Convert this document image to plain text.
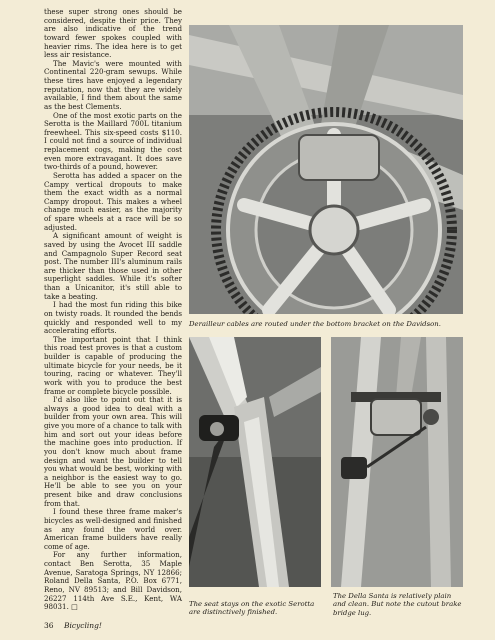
these super strong ones should be considered, despite their price. They are also indicative of the trend toward fewer spokes coupled with heavier rims. The idea here is to get less air resistance.

The Mavic's were mounted with Continental 220-gram sewups. While these tires have enjoyed a legendary reputation, now that they are widely available, I find them about the same as the best Clements.

One of the most exotic parts on the Serotta is the Maillard 700L titanium freewheel. This six-speed costs $110. I could not find a source of individual replacement cogs, making the cost even more extravagant. It does save two-thirds of a pound, however.

Serotta has added a spacer on the Campy vertical dropouts to make them the exact width as a normal Campy dropout. This makes a wheel change much easier, as the majority of spare wheels at a race will be so adjusted.

A significant amount of weight is saved by using the Avocet III saddle and Campagnolo Super Record seat post. The number III's aluminum rails are thicker than those used in other superlight saddles. While it's softer than a Unicanitor, it's still able to take a beating.

I had the most fun riding this bike on twisty roads. It rounded the bends quickly and responded well to my accelerating efforts.

The important point that I think this road test proves is that a custom builder is capable of producing the ultimate bicycle for your needs, be it touring, racing or whatever. They'll work with you to produce the best frame or complete bicycle possible.

I'd also like to point out that it is always a good idea to deal with a builder from your own area. This will give you more of a chance to talk with him and sort out your ideas before the machine goes into production. If you don't know much about frame design and want the builder to tell you what would be best, working with a neighbor is the easiest way to go. He'll be able to see you on your present bike and draw conclusions from that.

I found these three frame maker's bicycles as well-designed and finished as any found the world over. American frame builders have really come of age.

For any further information, contact Ben Serotta, 35 Maple Avenue, Saratoga Springs, NY 12866; Roland Della Santa, P.O. Box 6771, Reno, NV 89513; and Bill Davidson, 26227 114th Ave S.E., Kent, WA 98031. □

Derailleur cables are routed under the bottom bracket on the Davidson.
The seat stays on the exotic Serotta are distinctively finished.
The Della Santa is relatively plain and clean. But note the cutout brake bridge lug.
36 Bicycling!
